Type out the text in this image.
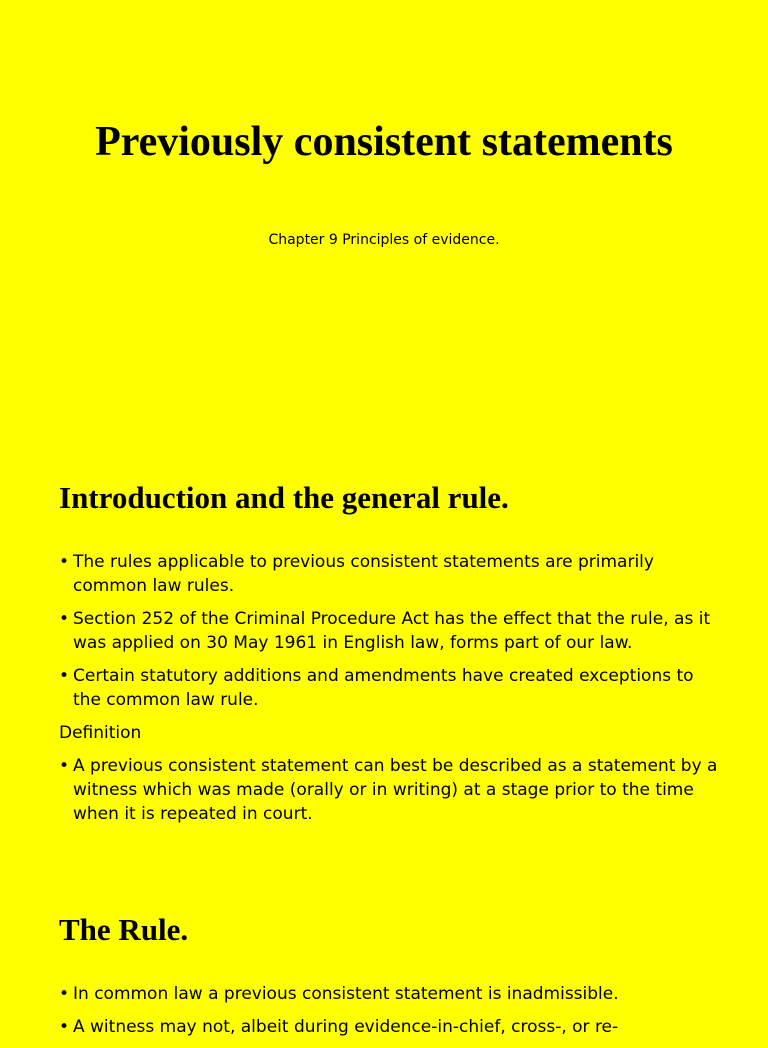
Previously consistent statements

Chapter 9 Principles of evidence.

Introduction and the general rule.

• The rules applicable to previous consistent statements are primarily common law rules.

• Section 252 of the Criminal Procedure Act has the effect that the rule, as it was applied on 30 May 1961 in English law, forms part of our law.

• Certain statutory additions and amendments have created exceptions to the common law rule.

Definition

• A previous consistent statement can best be described as a statement by a witness which was made (orally or in writing) at a stage prior to the time when it is repeated in court.

The Rule.

• In common law a previous consistent statement is inadmissible.

• A witness may not, albeit during evidence-in-chief, cross-, or re-
